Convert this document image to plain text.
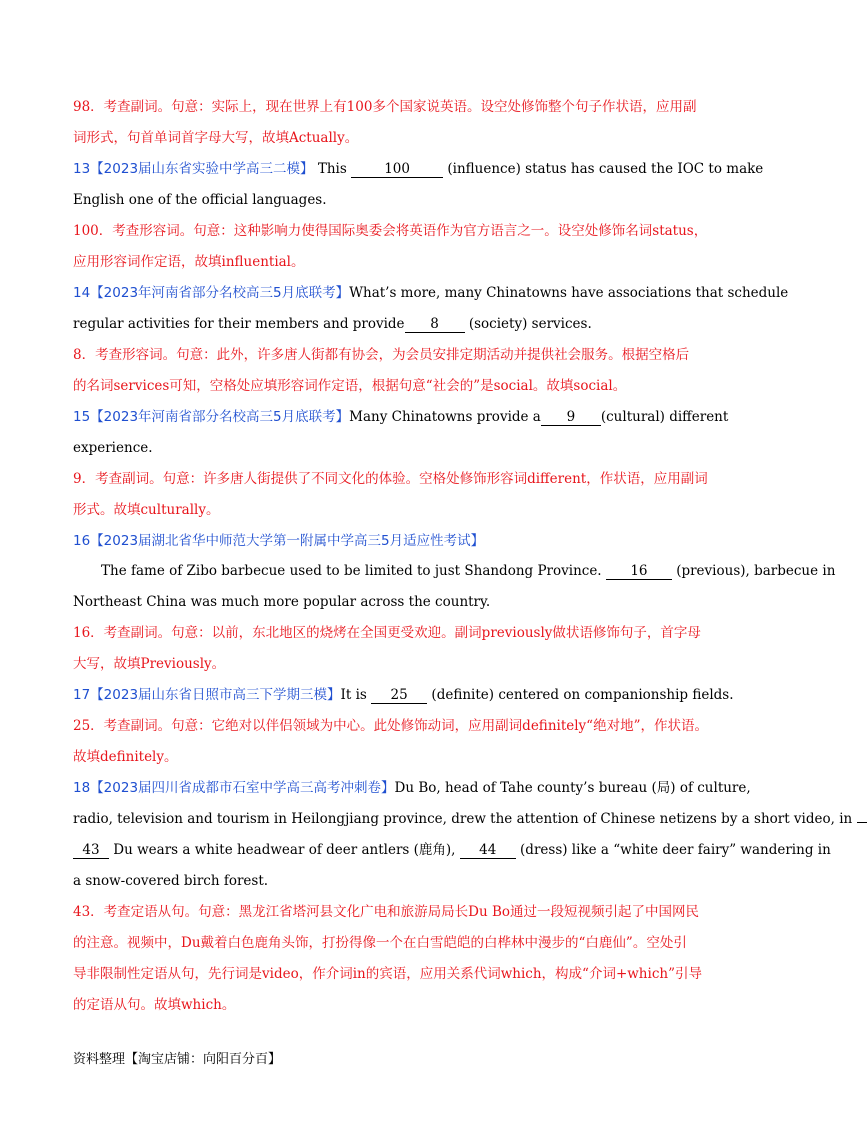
98．考查副词。句意：实际上，现在世界上有100多个国家说英语。设空处修饰整个句子作状语，应用副
词形式，句首单词首字母大写，故填Actually。
13【2023届山东省实验中学高三二模】 This 100 (influence) status has caused the IOC to make
English one of the official languages.
100．考查形容词。句意：这种影响力使得国际奥委会将英语作为官方语言之一。设空处修饰名词status，
应用形容词作定语，故填influential。
14【2023年河南省部分名校高三5月底联考】What’s more, many Chinatowns have associations that schedule
regular activities for their members and provide 8 (society) services.
8．考查形容词。句意：此外，许多唐人街都有协会，为会员安排定期活动并提供社会服务。根据空格后
的名词services可知，空格处应填形容词作定语，根据句意“社会的”是social。故填social。
15【2023年河南省部分名校高三5月底联考】Many Chinatowns provide a 9 (cultural) different
experience.
9．考查副词。句意：许多唐人街提供了不同文化的体验。空格处修饰形容词different，作状语，应用副词
形式。故填culturally。
16【2023届湖北省华中师范大学第一附属中学高三5月适应性考试】
The fame of Zibo barbecue used to be limited to just Shandong Province. 16 (previous), barbecue in
Northeast China was much more popular across the country.
16．考查副词。句意：以前，东北地区的烧烤在全国更受欢迎。副词previously做状语修饰句子，首字母
大写，故填Previously。
17【2023届山东省日照市高三下学期三模】It is 25 (definite) centered on companionship fields.
25．考查副词。句意：它绝对以伴侣领域为中心。此处修饰动词，应用副词definitely“绝对地”，作状语。
故填definitely。
18【2023届四川省成都市石室中学高三高考冲刺卷】Du Bo, head of Tahe county’s bureau (局) of culture,
radio, television and tourism in Heilongjiang province, drew the attention of Chinese netizens by a short video, in
43 Du wears a white headwear of deer antlers (鹿角), 44 (dress) like a “white deer fairy” wandering in
a snow-covered birch forest.
43．考查定语从句。句意：黑龙江省塔河县文化广电和旅游局局长Du Bo通过一段短视频引起了中国网民
的注意。视频中，Du戴着白色鹿角头饰，打扮得像一个在白雪皑皑的白桦林中漫步的“白鹿仙”。空处引
导非限制性定语从句，先行词是video，作介词in的宾语，应用关系代词which，构成“介词+which”引导
的定语从句。故填which。
资料整理【淘宝店铺：向阳百分百】
